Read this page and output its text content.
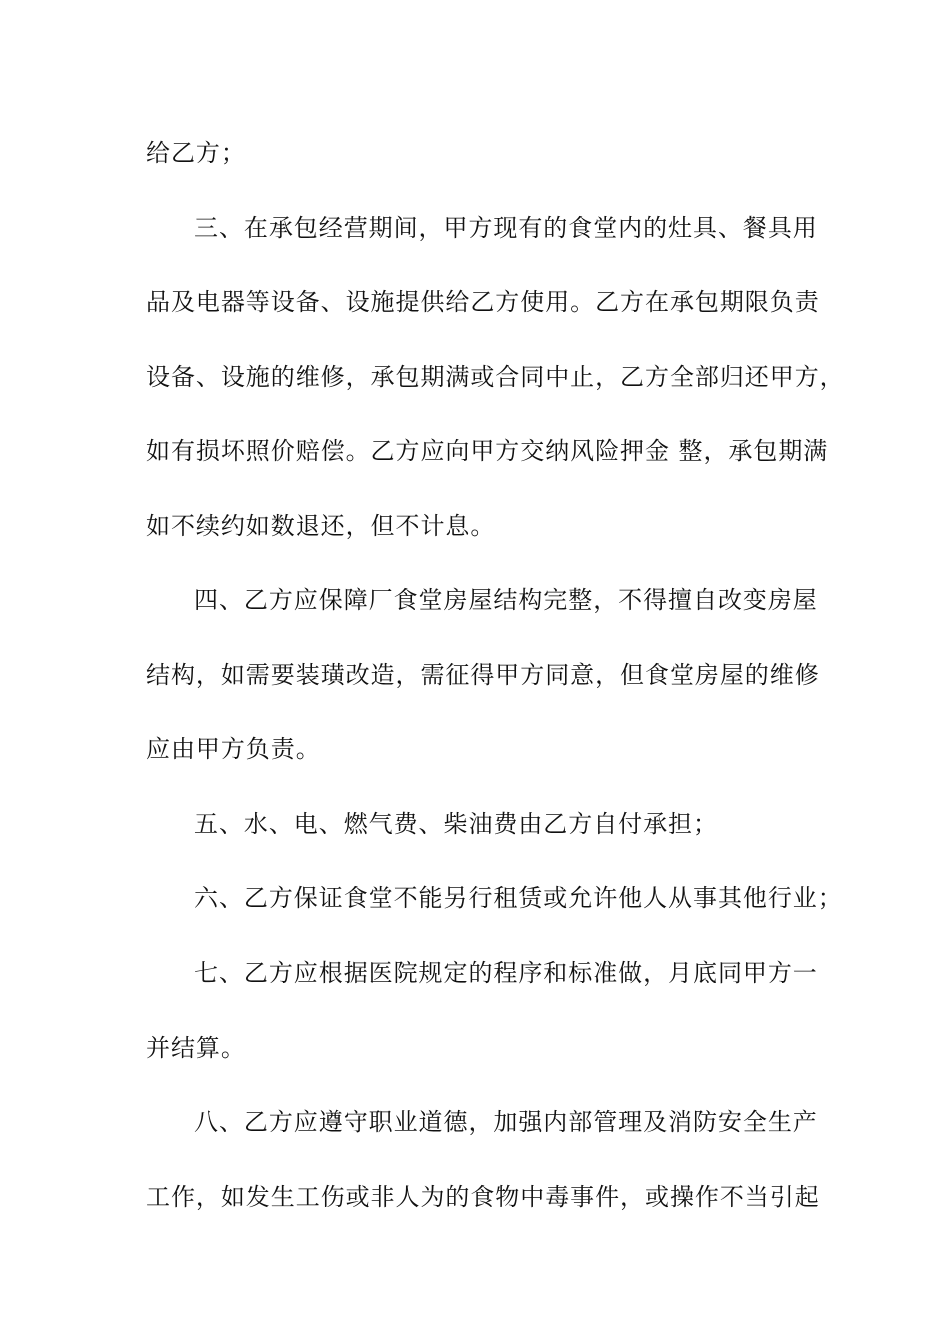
给乙方；
三、在承包经营期间，甲方现有的食堂内的灶具、餐具用
品及电器等设备、设施提供给乙方使用。乙方在承包期限负责
设备、设施的维修，承包期满或合同中止，乙方全部归还甲方，
如有损坏照价赔偿。乙方应向甲方交纳风险押金 整，承包期满
如不续约如数退还，但不计息。
四、乙方应保障厂食堂房屋结构完整，不得擅自改变房屋
结构，如需要装璜改造，需征得甲方同意，但食堂房屋的维修
应由甲方负责。
五、水、电、燃气费、柴油费由乙方自付承担；
六、乙方保证食堂不能另行租赁或允许他人从事其他行业；
七、乙方应根据医院规定的程序和标准做，月底同甲方一
并结算。
八、乙方应遵守职业道德，加强内部管理及消防安全生产
工作，如发生工伤或非人为的食物中毒事件，或操作不当引起
